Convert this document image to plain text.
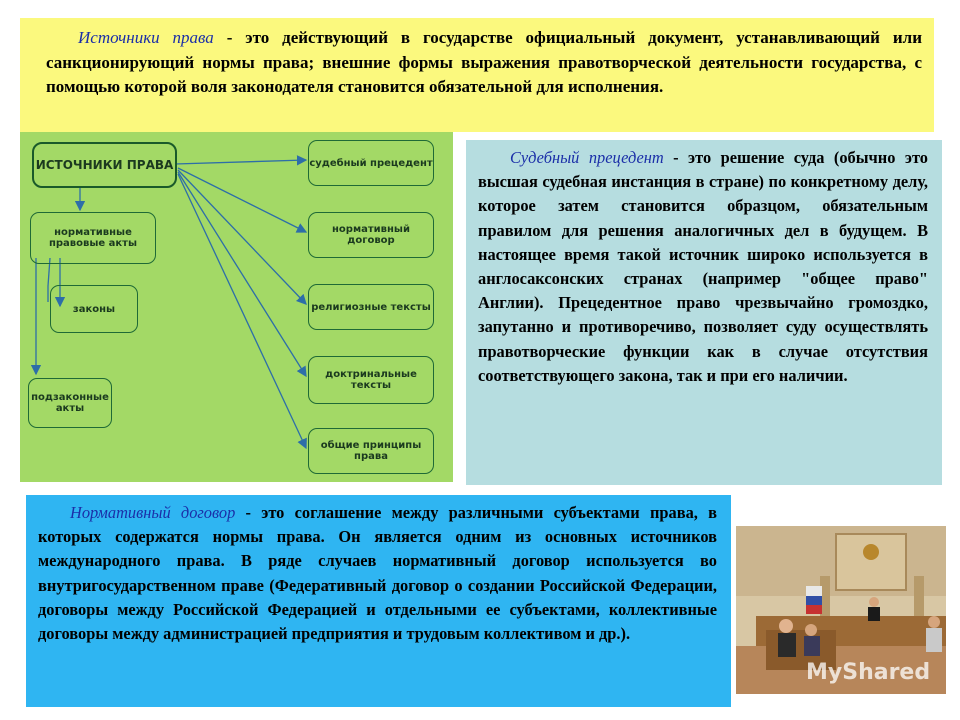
Источники права - это действующий в государстве официальный документ, устанавливающий или санкционирующий нормы права; внешние формы выражения правотворческой деятельности государства, с помощью которой воля законодателя становится обязательной для исполнения.

ИСТОЧНИКИ ПРАВА
нормативные правовые акты
законы
подзаконные акты
судебный прецедент
нормативный договор
религиозные тексты
доктринальные тексты
общие принципы права

Судебный прецедент - это решение суда (обычно это высшая судебная инстанция в стране) по конкретному делу, которое затем становится образцом, обязательным правилом для решения аналогичных дел в будущем. В настоящее время такой источник широко используется в англосаксонских странах (например "общее право" Англии). Прецедентное право чрезвычайно громоздко, запутанно и противоречиво, позволяет суду осуществлять правотворческие функции как в случае отсутствия соответствующего закона, так и при его наличии.

Нормативный договор - это соглашение между различными субъектами права, в которых содержатся нормы права. Он является одним из основных источников международного права. В ряде случаев нормативный договор используется во внутригосударственном праве (Федеративный договор о создании Российской Федерации, договоры между Российской Федерацией и отдельными ее субъектами, коллективные договоры между администрацией предприятия и трудовым коллективом и др.).

MyShared
